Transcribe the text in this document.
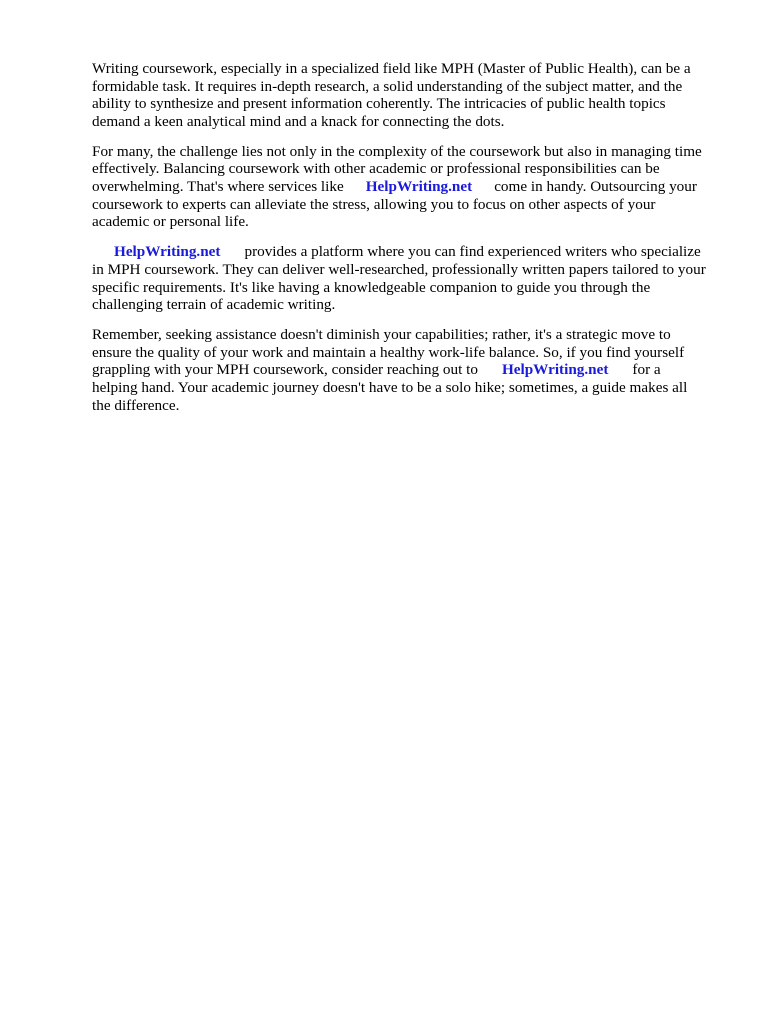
Writing coursework, especially in a specialized field like MPH (Master of Public Health), can be a
formidable task. It requires in-depth research, a solid understanding of the subject matter, and the
ability to synthesize and present information coherently. The intricacies of public health topics
demand a keen analytical mind and a knack for connecting the dots.
For many, the challenge lies not only in the complexity of the coursework but also in managing time
effectively. Balancing coursework with other academic or professional responsibilities can be
overwhelming. That's where services like HelpWriting.net come in handy. Outsourcing your
coursework to experts can alleviate the stress, allowing you to focus on other aspects of your
academic or personal life.
HelpWriting.net provides a platform where you can find experienced writers who specialize
in MPH coursework. They can deliver well-researched, professionally written papers tailored to your
specific requirements. It's like having a knowledgeable companion to guide you through the
challenging terrain of academic writing.
Remember, seeking assistance doesn't diminish your capabilities; rather, it's a strategic move to
ensure the quality of your work and maintain a healthy work-life balance. So, if you find yourself
grappling with your MPH coursework, consider reaching out to HelpWriting.net for a
helping hand. Your academic journey doesn't have to be a solo hike; sometimes, a guide makes all
the difference.
